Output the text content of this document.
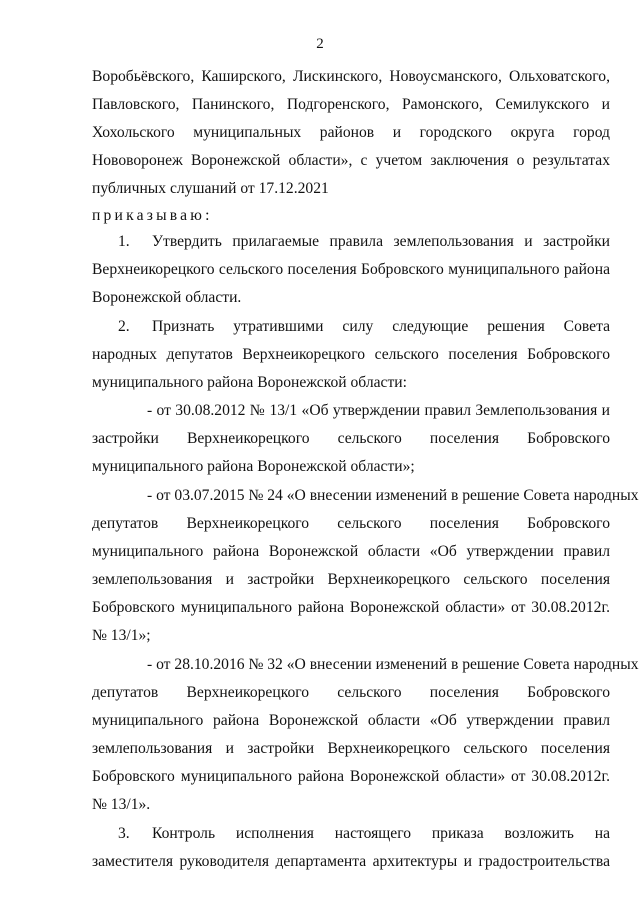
2
Воробьёвского, Каширского, Лискинского, Новоусманского, Ольховатского,
Павловского, Панинского, Подгоренского, Рамонского, Семилукского и
Хохольского муниципальных районов и городского округа город
Нововоронеж Воронежской области», с учетом заключения о результатах
публичных слушаний от 17.12.2021
приказываю:
1. Утвердить прилагаемые правила землепользования и застройки
Верхнеикорецкого сельского поселения Бобровского муниципального района
Воронежской области.
2. Признать утратившими силу следующие решения Совета
народных депутатов Верхнеикорецкого сельского поселения Бобровского
муниципального района Воронежской области:
- от 30.08.2012 № 13/1 «Об утверждении правил Землепользования и
застройки Верхнеикорецкого сельского поселения Бобровского
муниципального района Воронежской области»;
- от 03.07.2015 № 24 «О внесении изменений в решение Совета народных
депутатов Верхнеикорецкого сельского поселения Бобровского
муниципального района Воронежской области «Об утверждении правил
землепользования и застройки Верхнеикорецкого сельского поселения
Бобровского муниципального района Воронежской области» от 30.08.2012г.
№ 13/1»;
- от 28.10.2016 № 32 «О внесении изменений в решение Совета народных
депутатов Верхнеикорецкого сельского поселения Бобровского
муниципального района Воронежской области «Об утверждении правил
землепользования и застройки Верхнеикорецкого сельского поселения
Бобровского муниципального района Воронежской области» от 30.08.2012г.
№ 13/1».
3. Контроль исполнения настоящего приказа возложить на
заместителя руководителя департамента архитектуры и градостроительства
